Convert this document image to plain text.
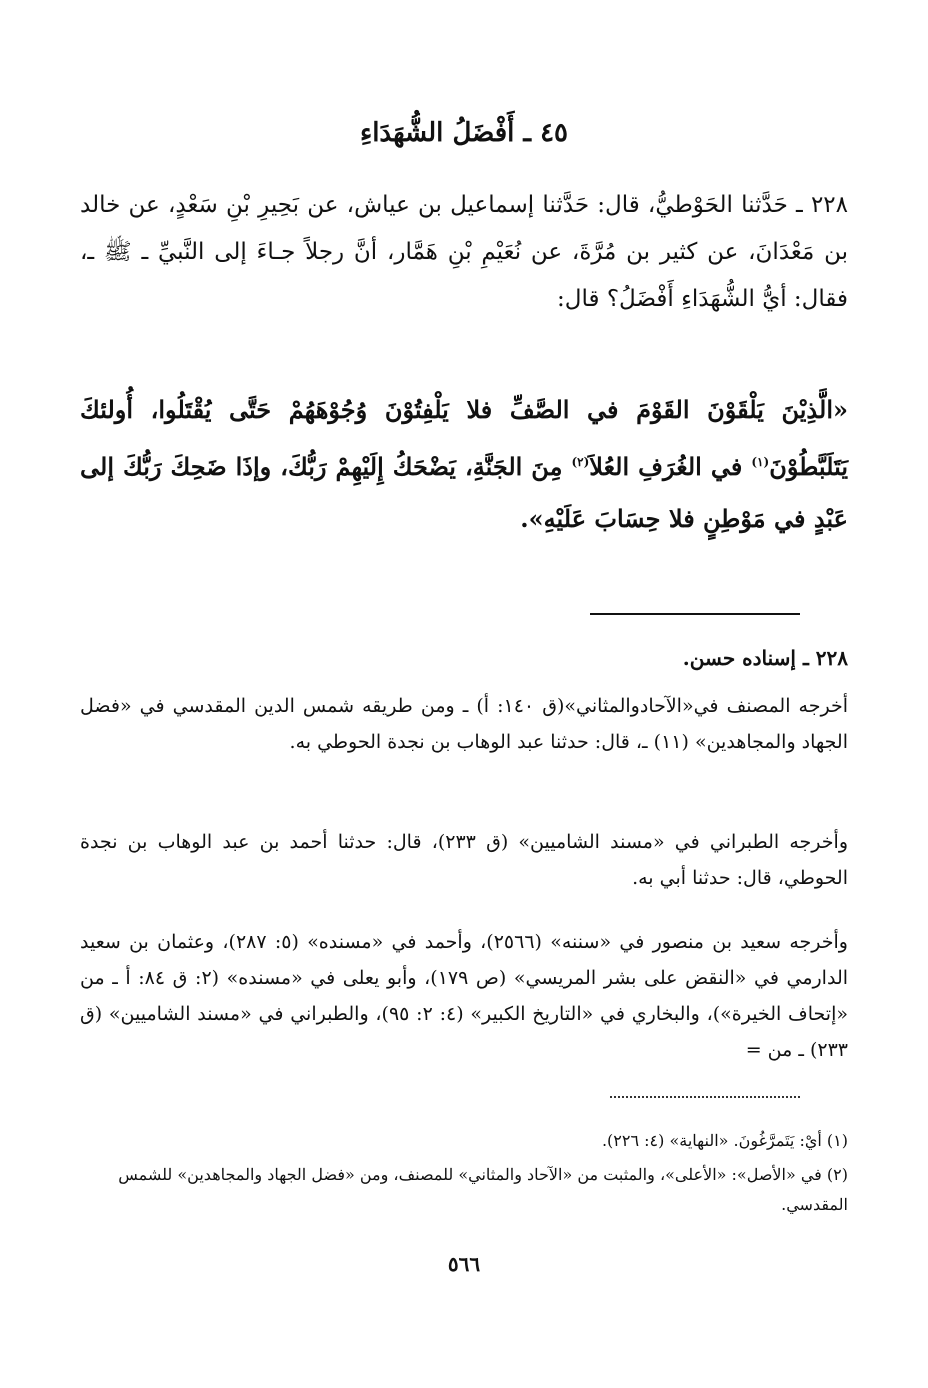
٤٥ ـ أَفْضَلُ الشُّهَدَاءِ
٢٢٨ ـ حَدَّثنا الحَوْطيُّ، قال: حَدَّثنا إسماعيل بن عياش، عن بَحِيرِ بْنِ سَعْدٍ، عن خالد بن مَعْدَانَ، عن كثير بن مُرَّةَ، عن نُعَيْمِ بْنِ هَمَّار، أنَّ رجلاً جـاءَ إلى النَّبيِّ ـ ﷺ ـ، فقال: أيُّ الشُّهَدَاءِ أَفْضَلُ؟ قال:
«الَّذِيْنَ يَلْقَوْنَ القَوْمَ في الصَّفِّ فلا يَلْفِتُوْنَ وُجُوْهَهُمْ حَتَّى يُقْتَلُوا، أُولئكَ يَتَلَبَّطُوْنَ$^{(١)}$ في الغُرَفِ العُلاَ$^{(٢)}$ مِنَ الجَنَّةِ، يَضْحَكُ إِلَيْهِمْ رَبُّكَ، وإذَا ضَحِكَ رَبُّكَ إلى عَبْدٍ في مَوْطِنٍ فلا حِسَابَ عَلَيْهِ».
٢٢٨ ـ إسناده حسن.
أخرجه المصنف في«الآحادوالمثاني»(ق ١٤٠: أ) ـ ومن طريقه شمس الدين المقدسي في «فضل الجهاد والمجاهدين» (١١) ـ، قال: حدثنا عبد الوهاب بن نجدة الحوطي به.
وأخرجه الطبراني في «مسند الشاميين» (ق ٢٣٣)، قال: حدثنا أحمد بن عبد الوهاب بن نجدة الحوطي، قال: حدثنا أبي به.
وأخرجه سعيد بن منصور في «سننه» (٢٥٦٦)، وأحمد في «مسنده» (٥: ٢٨٧)، وعثمان بن سعيد الدارمي في «النقض على بشر المريسي» (ص ١٧٩)، وأبو يعلى في «مسنده» (٢: ق ٨٤: أ ـ من «إتحاف الخيرة»)، والبخاري في «التاريخ الكبير» (٤: ٢: ٩٥)، والطبراني في «مسند الشاميين» (ق ٢٣٣) ـ من =
(١) أيْ: يَتَمرَّغُونَ. «النهاية» (٤: ٢٢٦).
(٢) في «الأصل»: «الأعلى»، والمثبت من «الآحاد والمثاني» للمصنف، ومن «فضل الجهاد والمجاهدين» للشمس المقدسي.
٥٦٦
